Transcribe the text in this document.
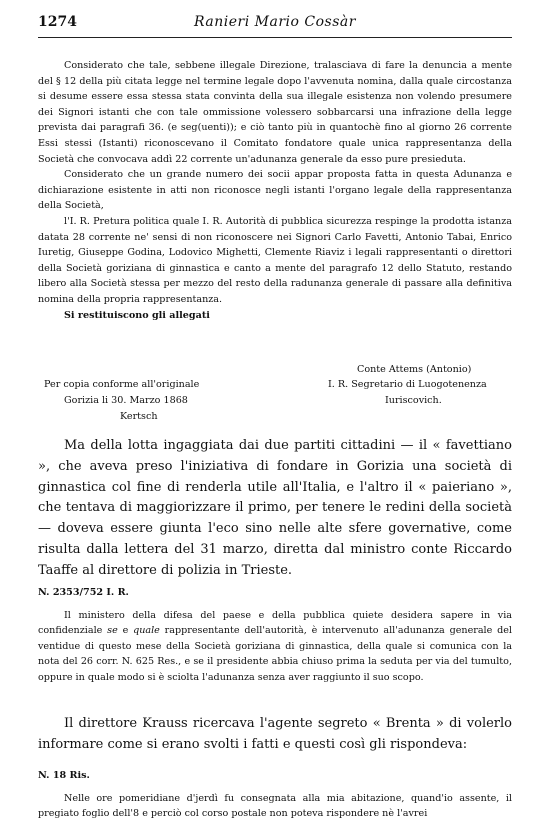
1274	Ranieri Mario Cossàr

Considerato che tale, sebbene illegale Direzione, tralasciava di fare la denuncia a mente del § 12 della più citata legge nel termine legale dopo l'avvenuta nomina, dalla quale circostanza si desume essere essa stessa stata convinta della sua illegale esistenza non volendo presumere dei Signori istanti che con tale ommissione volessero sobbarcarsi una infrazione della legge prevista dai paragrafi 36. (e seg(uenti)); e ciò tanto più in quantochè fino al giorno 26 corrente Essi stessi (Istanti) riconoscevano il Comitato fondatore quale unica rappresentanza della Società che convocava addì 22 corrente un'adunanza generale da esso pure presieduta.

Considerato che un grande numero dei socii appar proposta fatta in questa Adunanza e dichiarazione esistente in atti non riconosce negli istanti l'organo legale della rappresentanza della Società,

l'I. R. Pretura politica quale I. R. Autorità di pubblica sicurezza respinge la prodotta istanza datata 28 corrente ne' sensi di non riconoscere nei Signori Carlo Favetti, Antonio Tabai, Enrico Iuretig, Giuseppe Godina, Lodovico Mighetti, Clemente Riaviz i legali rappresentanti o direttori della Società goriziana di ginnastica e canto a mente del paragrafo 12 dello Statuto, restando libero alla Società stessa per mezzo del resto della radunanza generale di passare alla definitiva nomina della propria rappresentanza.

Si restituiscono gli allegati

Conte Attems (Antonio)
Per copia conforme all'originale	I. R. Segretario di Luogotenenza
Gorizia li 30. Marzo 1868	Iuriscovich.
Kertsch

Ma della lotta ingaggiata dai due partiti cittadini — il « favettiano », che aveva preso l'iniziativa di fondare in Gorizia una società di ginnastica col fine di renderla utile all'Italia, e l'altro il « paieriano », che tentava di maggiorizzare il primo, per tenere le redini della società — doveva essere giunta l'eco sino nelle alte sfere governative, come risulta dalla lettera del 31 marzo, diretta dal ministro conte Riccardo Taaffe al direttore di polizia in Trieste.

N. 2353/752 I. R.

Il ministero della difesa del paese e della pubblica quiete desidera sapere in via confidenziale se e quale rappresentante dell'autorità, è intervenuto all'adunanza generale del ventidue di questo mese della Società goriziana di ginnastica, della quale si comunica con la nota del 26 corr. N. 625 Res., e se il presidente abbia chiuso prima la seduta per via del tumulto, oppure in quale modo si è sciolta l'adunanza senza aver raggiunto il suo scopo.

Il direttore Krauss ricercava l'agente segreto « Brenta » di volerlo informare come si erano svolti i fatti e questi così gli rispondeva:

N. 18 Ris.

Nelle ore pomeridiane d'jerdì fu consegnata alla mia abitazione, quand'io assente, il pregiato foglio dell'8 e perciò col corso postale non poteva rispondere nè l'avrei
